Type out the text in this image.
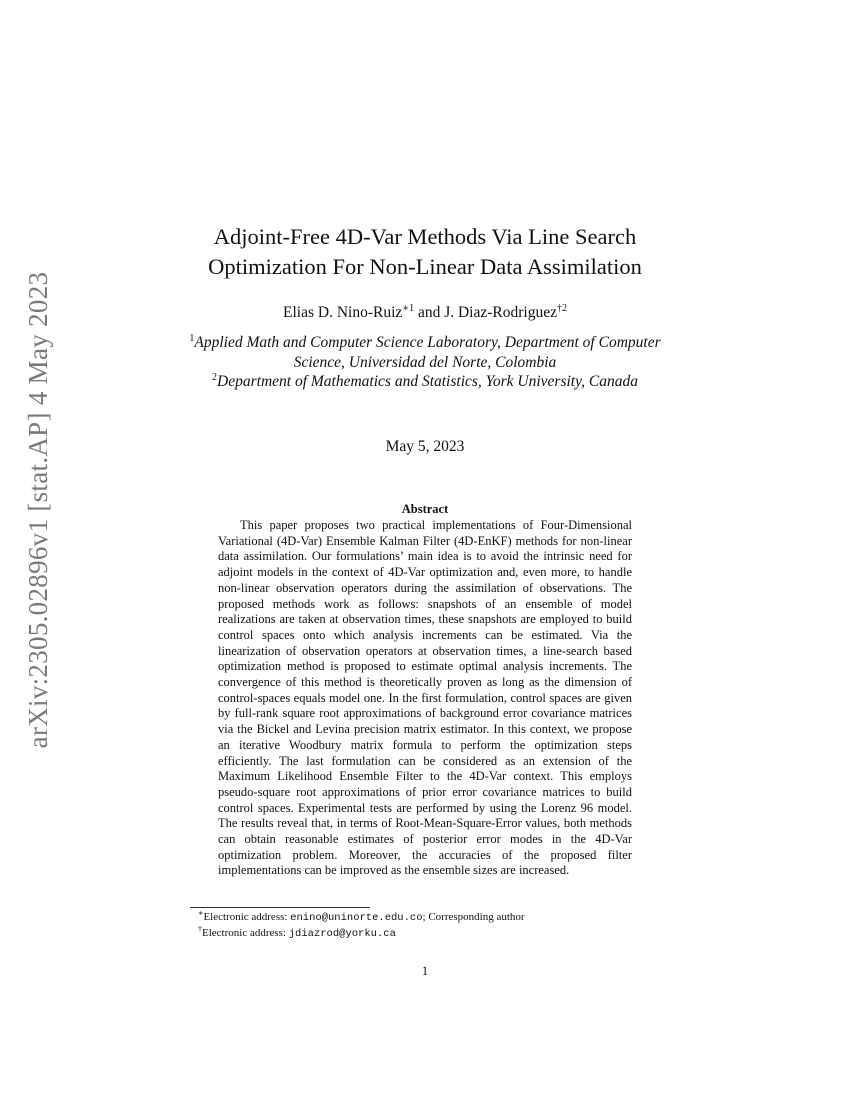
arXiv:2305.02896v1 [stat.AP] 4 May 2023
Adjoint-Free 4D-Var Methods Via Line Search
Optimization For Non-Linear Data Assimilation
Elias D. Nino-Ruiz$^{∗1}$ and J. Diaz-Rodriguez$^{\dagger 2}$

$^1$Applied Math and Computer Science Laboratory, Department of Computer Science, Universidad del Norte, Colombia

$^2$Department of Mathematics and Statistics, York University, Canada

May 5, 2023
Abstract

This paper proposes two practical implementations of Four-Dimensional Variational (4D-Var) Ensemble Kalman Filter (4D-EnKF) methods for non-linear data assimilation. Our formulations’ main idea is to avoid the intrinsic need for adjoint models in the context of 4D-Var optimization and, even more, to handle non-linear observation operators during the assimilation of observations. The proposed methods work as follows: snapshots of an ensemble of model realizations are taken at observation times, these snapshots are employed to build control spaces onto which analysis increments can be estimated. Via the linearization of observation operators at observation times, a line-search based optimization method is proposed to estimate optimal analysis increments. The convergence of this method is theoretically proven as long as the dimension of control-spaces equals model one. In the first formulation, control spaces are given by full-rank square root approximations of background error covariance matrices via the Bickel and Levina precision matrix estimator. In this context, we propose an iterative Woodbury matrix formula to perform the optimization steps efficiently. The last formulation can be considered as an extension of the Maximum Likelihood Ensemble Filter to the 4D-Var context. This employs pseudo-square root approximations of prior error covariance matrices to build control spaces. Experimental tests are performed by using the Lorenz 96 model. The results reveal that, in terms of Root-Mean-Square-Error values, both methods can obtain reasonable estimates of posterior error modes in the 4D-Var optimization problem. Moreover, the accuracies of the proposed filter implementations can be improved as the ensemble sizes are increased.

∗Electronic address: enino@uninorte.edu.co; Corresponding author

†Electronic address: jdiazrod@yorku.ca

1
